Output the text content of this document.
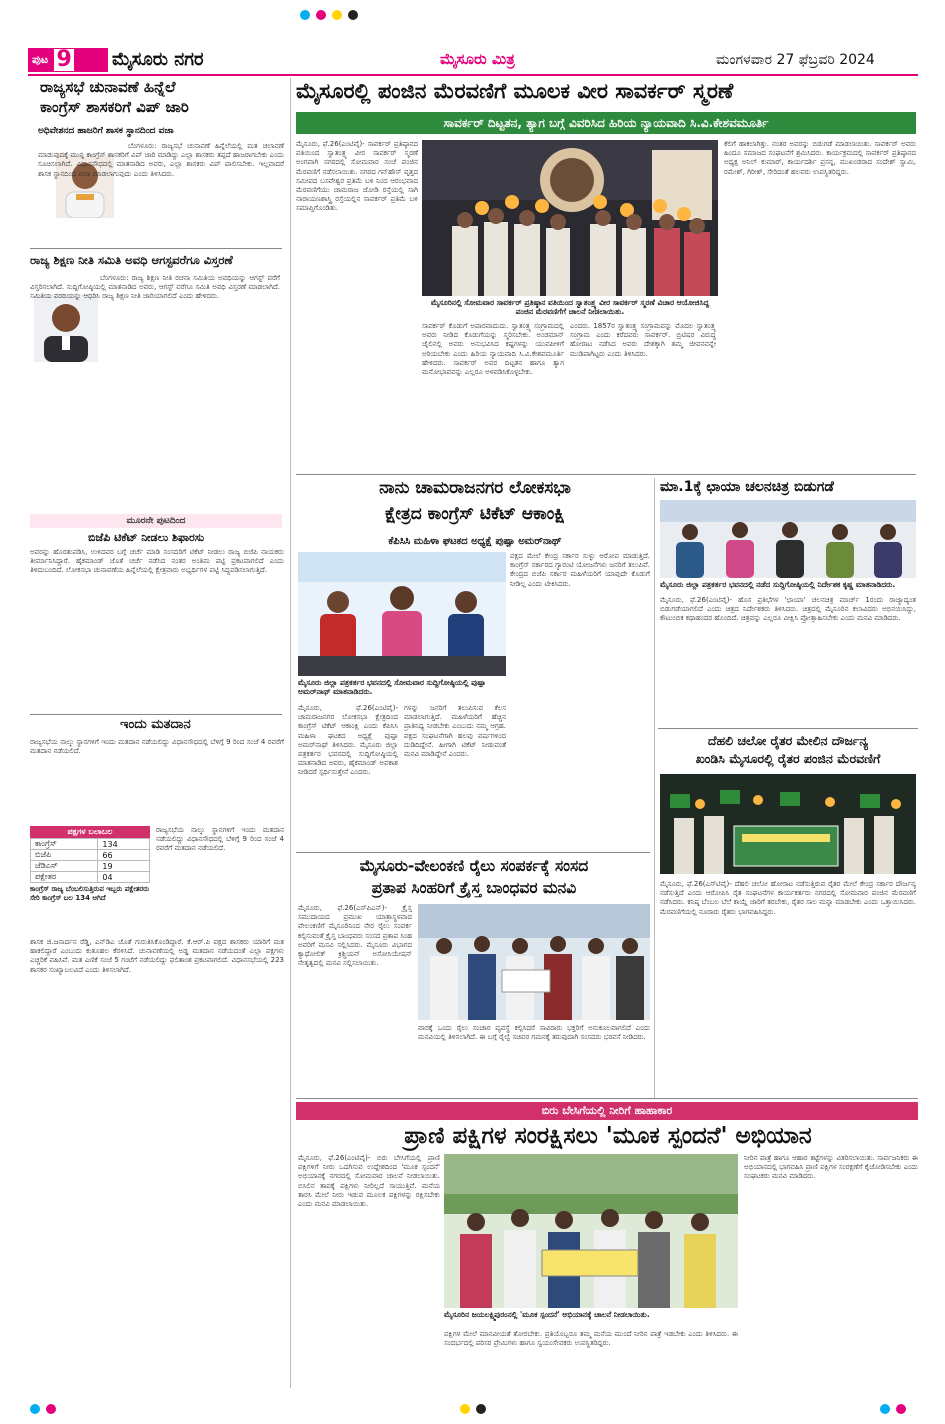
ಪುಟ 9 ಮೈಸೂರು ನಗರ	ಮೈಸೂರು ಮಿತ್ರ	ಮಂಗಳವಾರ 27 ಫೆಬ್ರವರಿ 2024
ರಾಜ್ಯಸಭೆ ಚುನಾವಣೆ ಹಿನ್ನೆಲೆ
ಕಾಂಗ್ರೆಸ್ ಶಾಸಕರಿಗೆ ವಿಪ್ ಜಾರಿ
ಅಧಿವೇಶನದ ಹಾಜರಿಗೆ ಶಾಸಕ ಸ್ಥಾನದಿಂದ ವಜಾ
ಬೆಂಗಳೂರು: ರಾಜ್ಯಸಭೆ ಚುನಾವಣೆ ಹಿನ್ನೆಲೆಯಲ್ಲಿ ಮತ ಚಲಾವಣೆ ಮಾಡುವುದಕ್ಕೆ ಮುನ್ನ ಕಾಂಗ್ರೆಸ್ ಶಾಸಕರಿಗೆ ವಿಪ್ ಜಾರಿ ಮಾಡಿದ್ದು ಎಲ್ಲಾ ಶಾಸಕರು ತಪ್ಪದೆ ಹಾಜರಾಗಬೇಕು ಎಂದು ಸೂಚಿಸಲಾಗಿದೆ. ವಿಧಾನಸೌಧದಲ್ಲಿ ಮಾತನಾಡಿದ ಅವರು, ಎಲ್ಲಾ ಶಾಸಕರು ವಿಪ್ ಪಾಲಿಸಬೇಕು. ಇಲ್ಲವಾದರೆ ಶಾಸಕ ಸ್ಥಾನದಿಂದ ವಜಾ ಮಾಡಲಾಗುವುದು ಎಂದು ತಿಳಿಸಿದರು.
ರಾಜ್ಯ ಶಿಕ್ಷಣ ನೀತಿ ಸಮಿತಿ ಅವಧಿ ಆಗಸ್ಟವರೆಗೂ ವಿಸ್ತರಣೆ
ಬೆಂಗಳೂರು: ರಾಜ್ಯ ಶಿಕ್ಷಣ ನೀತಿ ರಚನಾ ಸಮಿತಿಯ ಅವಧಿಯನ್ನು ಆಗಸ್ಟ್ ವರೆಗೆ ವಿಸ್ತರಿಸಲಾಗಿದೆ. ಸುದ್ದಿಗೋಷ್ಠಿಯಲ್ಲಿ ಮಾತನಾಡಿದ ಅವರು, ಆಗಸ್ಟ್ ವರೆಗೂ ಸಮಿತಿ ಅವಧಿ ವಿಸ್ತರಣೆ ಮಾಡಲಾಗಿದೆ. ಸಮಿತಿಯ ವರದಿಯನ್ನು ಆಧರಿಸಿ ರಾಜ್ಯ ಶಿಕ್ಷಣ ನೀತಿ ಜಾರಿಯಾಗಲಿದೆ ಎಂದು ಹೇಳಿದರು.
ಮೂರನೇ ಪುಟದಿಂದ
ಬಿಜೆಪಿ ಟಿಕೆಟ್ ನೀಡಲು ಶಿಫಾರಸು
ಅವರನ್ನು ಹೊರತುಪಡಿಸಿ, ಉಳಿದವರ ಬಗ್ಗೆ ಚರ್ಚೆ ಮಾಡಿ ಸಂಸದರಿಗೆ ಟಿಕೆಟ್ ನೀಡಲು ರಾಜ್ಯ ಬಿಜೆಪಿ ನಾಯಕರು ತೀರ್ಮಾನಿಸಿದ್ದಾರೆ. ಹೈಕಮಾಂಡ್ ಜೊತೆ ಚರ್ಚೆ ನಡೆಸಿದ ನಂತರ ಅಂತಿಮ ಪಟ್ಟಿ ಪ್ರಕಟವಾಗಲಿದೆ ಎಂದು ತಿಳಿದುಬಂದಿದೆ. ಲೋಕಸಭಾ ಚುನಾವಣೆಯ ಹಿನ್ನೆಲೆಯಲ್ಲಿ ಕ್ಷೇತ್ರವಾರು ಅಭ್ಯರ್ಥಿಗಳ ಪಟ್ಟಿ ಸಿದ್ಧಪಡಿಸಲಾಗುತ್ತಿದೆ.
ಇಂದು ಮತದಾನ
ರಾಜ್ಯಸಭೆಯ ನಾಲ್ಕು ಸ್ಥಾನಗಳಿಗೆ ಇಂದು ಮತದಾನ ನಡೆಯಲಿದ್ದು ವಿಧಾನಸೌಧದಲ್ಲಿ ಬೆಳಿಗ್ಗೆ 9 ರಿಂದ ಸಂಜೆ 4 ರವರೆಗೆ ಮತದಾನ ನಡೆಯಲಿದೆ.
ಪಕ್ಷಗಳ ಬಲಾಬಲ
ಕಾಂಗ್ರೆಸ್	134
ಬಿಜೆಪಿ	66
ಜೆಡಿಎಸ್	19
ಪಕ್ಷೇತರ	04
ಕಾಂಗ್ರೆಸ್ ರಾಜ್ಯ ಬೆಂಬಲಿಸುತ್ತಿರುವ ಇಬ್ಬರು ಪಕ್ಷೇತರರು ಸೇರಿ ಕಾಂಗ್ರೆಸ್ ಬಲ 134 ಆಗಿದೆ
ರಾಜ್ಯಸಭೆಯ ನಾಲ್ಕು ಸ್ಥಾನಗಳಿಗೆ ಇಂದು ಮತದಾನ ನಡೆಯಲಿದ್ದು ವಿಧಾನಸೌಧದಲ್ಲಿ ಬೆಳಿಗ್ಗೆ 9 ರಿಂದ ಸಂಜೆ 4 ರವರೆಗೆ ಮತದಾನ ನಡೆಯಲಿದೆ.
ಶಾಸಕ ಜಿ.ಜನಾರ್ದನ ರೆಡ್ಡಿ, ಎನ್‌ಡಿಎ ಜೊತೆ ಗುರುತಿಸಿಕೊಂಡಿದ್ದಾರೆ. ಕೆ.ಆರ್.ಪಿ ಪಕ್ಷದ ಶಾಸಕರು ಯಾರಿಗೆ ಮತ ಹಾಕಲಿದ್ದಾರೆ ಎಂಬುದು ಕುತೂಹಲ ಕೆರಳಿಸಿದೆ. ಚುನಾವಣೆಯಲ್ಲಿ ಅಡ್ಡ ಮತದಾನ ನಡೆಯದಂತೆ ಎಲ್ಲಾ ಪಕ್ಷಗಳು ಎಚ್ಚರಿಕೆ ವಹಿಸಿವೆ. ಮತ ಎಣಿಕೆ ಸಂಜೆ 5 ಗಂಟೆಗೆ ನಡೆಯಲಿದ್ದು ಫಲಿತಾಂಶ ಪ್ರಕಟವಾಗಲಿದೆ. ವಿಧಾನಸಭೆಯಲ್ಲಿ 223 ಶಾಸಕರ ಸಂಖ್ಯಾಬಲವಿದೆ ಎಂದು ತಿಳಿಸಲಾಗಿದೆ.
ಮೈಸೂರಲ್ಲಿ ಪಂಜಿನ ಮೆರವಣಿಗೆ ಮೂಲಕ ವೀರ ಸಾವರ್ಕರ್ ಸ್ಮರಣೆ
ಸಾವರ್ಕರ್ ದಿಟ್ಟತನ, ತ್ಯಾಗ ಬಗ್ಗೆ ವಿವರಿಸಿದ ಹಿರಿಯ ನ್ಯಾಯವಾದಿ ಸಿ.ವಿ.ಕೇಶವಮೂರ್ತಿ
ಮೈಸೂರು, ಫೆ.26(ಎಂಟಿವೈ)- ಸಾವರ್ಕರ್ ಪ್ರತಿಷ್ಠಾನದ ವತಿಯಿಂದ ಸ್ವಾತಂತ್ರ್ಯ ವೀರ ಸಾವರ್ಕರ್ ಸ್ಮರಣೆ ಅಂಗವಾಗಿ ನಗರದಲ್ಲಿ ಸೋಮವಾರ ಸಂಜೆ ಪಂಜಿನ ಮೆರವಣಿಗೆ ನಡೆಸಲಾಯಿತು. ನಗರದ ಗನ್‌ಹೌಸ್ ವೃತ್ತದ ಸಮೀಪದ ಬಸವೇಶ್ವರ ಪ್ರತಿಮೆ ಬಳಿ ನಿಂದ ಆರಂಭವಾದ ಮೆರವಣಿಗೆಯು ಚಾಮರಾಜ ಜೋಡಿ ರಸ್ತೆಯಲ್ಲಿ ಸಾಗಿ ನಾರಾಯಣಶಾಸ್ತ್ರಿ ರಸ್ತೆಯಲ್ಲಿನ ಸಾವರ್ಕರ್ ಪ್ರತಿಮೆ ಬಳಿ ಸಮಾಪ್ತಿಗೊಂಡಿತು.
ಮೈಸೂರಿನಲ್ಲಿ ಸೋಮವಾರ ಸಾವರ್ಕರ್ ಪ್ರತಿಷ್ಠಾನ ವತಿಯಿಂದ ಸ್ವಾತಂತ್ರ್ಯ ವೀರ ಸಾವರ್ಕರ್ ಸ್ಮರಣೆ ವಿಚಾರ ಆಯೋಜಿಸಿದ್ದ ಪಂಜಿನ ಮೆರವಣಿಗೆಗೆ ಚಾಲನೆ ನೀಡಲಾಯಿತು.
ಸಾವರ್ಕರ್ ಕೊಡುಗೆ ಅಪಾರವಾದುದು. ಸ್ವಾತಂತ್ರ್ಯ ಸಂಗ್ರಾಮದಲ್ಲಿ ಅವರು ನೀಡಿದ ಕೊಡುಗೆಯನ್ನು ಸ್ಮರಿಸಬೇಕು. ಅಂಡಮಾನ್ ಜೈಲಿನಲ್ಲಿ ಅವರು ಅನುಭವಿಸಿದ ಕಷ್ಟಗಳನ್ನು ಯುವಪೀಳಿಗೆ ಅರಿಯಬೇಕು ಎಂದು ಹಿರಿಯ ನ್ಯಾಯವಾದಿ ಸಿ.ವಿ.ಕೇಶವಮೂರ್ತಿ ಹೇಳಿದರು. ಸಾವರ್ಕರ್ ಅವರ ದಿಟ್ಟತನ ಹಾಗೂ ತ್ಯಾಗ ಮನೋಭಾವವನ್ನು ಎಲ್ಲರೂ ಅಳವಡಿಸಿಕೊಳ್ಳಬೇಕು.
ಎಂದರು. 1857ರ ಸ್ವಾತಂತ್ರ್ಯ ಸಂಗ್ರಾಮವನ್ನು ಮೊದಲ ಸ್ವಾತಂತ್ರ್ಯ ಸಂಗ್ರಾಮ ಎಂದು ಕರೆದವರು ಸಾವರ್ಕರ್. ಬ್ರಿಟಿಷರ ವಿರುದ್ಧ ಹೋರಾಟ ನಡೆಸಿದ ಅವರು ದೇಶಕ್ಕಾಗಿ ತಮ್ಮ ಜೀವನವನ್ನೇ ಮುಡಿಪಾಗಿಟ್ಟರು ಎಂದು ತಿಳಿಸಿದರು.
ಕೆಲಿಗೆ ಹಾಕಲಾಗಿತ್ತು. ನಂತರ ಅವರನ್ನು ಬಿಡುಗಡೆ ಮಾಡಲಾಯಿತು. ಸಾವರ್ಕರ್ ಅವರು ಹಿಂದೂ ಸಮಾಜದ ಸಂಘಟನೆಗೆ ಶ್ರಮಿಸಿದರು. ಕಾರ್ಯಕ್ರಮದಲ್ಲಿ ಸಾವರ್ಕರ್ ಪ್ರತಿಷ್ಠಾನದ ಅಧ್ಯಕ್ಷ ಅನಿಲ್ ಕುಮಾರ್, ಕಾರ್ಯದರ್ಶಿ ಪ್ರಸನ್ನ, ಮುಖಂಡರಾದ ಸಂದೇಶ್ ಸ್ವಾಮಿ, ರಮೇಶ್, ಗಿರೀಶ್, ಸೇರಿದಂತೆ ಹಲವರು ಉಪಸ್ಥಿತರಿದ್ದರು.
ನಾನು ಚಾಮರಾಜನಗರ ಲೋಕಸಭಾ
ಕ್ಷೇತ್ರದ ಕಾಂಗ್ರೆಸ್ ಟಿಕೆಟ್ ಆಕಾಂಕ್ಷಿ
ಕೆಪಿಸಿಸಿ ಮಹಿಳಾ ಘಟಕದ ಅಧ್ಯಕ್ಷೆ ಪುಷ್ಪಾ ಅಮರ್‌ನಾಥ್
ಮೈಸೂರು ಜಿಲ್ಲಾ ಪತ್ರಕರ್ತರ ಭವನದಲ್ಲಿ ಸೋಮವಾರ ಸುದ್ದಿಗೋಷ್ಠಿಯಲ್ಲಿ ಪುಷ್ಪಾ ಅಮರ್‌ನಾಥ್ ಮಾತನಾಡಿದರು.
ಪಕ್ಷದ ಮೇಲೆ ಕೇಂದ್ರ ಸರ್ಕಾರ ಸುಳ್ಳು ಆರೋಪ ಮಾಡುತ್ತಿದೆ. ಕಾಂಗ್ರೆಸ್ ಸರ್ಕಾರದ ಗ್ಯಾರಂಟಿ ಯೋಜನೆಗಳು ಜನರಿಗೆ ತಲುಪಿವೆ. ಕೇಂದ್ರದ ಬಿಜೆಪಿ ಸರ್ಕಾರ ಮಹಿಳೆಯರಿಗೆ ಯಾವುದೇ ಕೊಡುಗೆ ನೀಡಿಲ್ಲ ಎಂದು ಟೀಕಿಸಿದರು.
ಮೈಸೂರು, ಫೆ.26(ಎಂಟಿವೈ)- ಚಾಮರಾಜನಗರ ಲೋಕಸಭಾ ಕ್ಷೇತ್ರದಿಂದ ಕಾಂಗ್ರೆಸ್ ಟಿಕೆಟ್ ಆಕಾಂಕ್ಷಿ ಎಂದು ಕೆಪಿಸಿಸಿ ಮಹಿಳಾ ಘಟಕದ ಅಧ್ಯಕ್ಷೆ ಪುಷ್ಪಾ ಅಮರ್‌ನಾಥ್ ತಿಳಿಸಿದರು. ಮೈಸೂರು ಜಿಲ್ಲಾ ಪತ್ರಕರ್ತರ ಭವನದಲ್ಲಿ ಸುದ್ದಿಗೋಷ್ಠಿಯಲ್ಲಿ ಮಾತನಾಡಿದ ಅವರು, ಹೈಕಮಾಂಡ್ ಅವಕಾಶ ನೀಡಿದರೆ ಸ್ಪರ್ಧಿಸುತ್ತೇನೆ ಎಂದರು.
ಗಳನ್ನು ಜನರಿಗೆ ತಲುಪಿಸುವ ಕೆಲಸ ಮಾಡಲಾಗುತ್ತಿದೆ. ಮಹಿಳೆಯರಿಗೆ ಹೆಚ್ಚಿನ ಪ್ರಾತಿನಿಧ್ಯ ನೀಡಬೇಕು ಎಂಬುದು ನಮ್ಮ ಆಗ್ರಹ. ಪಕ್ಷದ ಸಂಘಟನೆಗಾಗಿ ಹಲವು ವರ್ಷಗಳಿಂದ ದುಡಿದಿದ್ದೇನೆ. ಹೀಗಾಗಿ ಟಿಕೆಟ್ ನೀಡುವಂತೆ ಮನವಿ ಮಾಡಿದ್ದೇನೆ ಎಂದರು.
ಮಾ.1ಕ್ಕೆ ಛಾಯಾ ಚಲನಚಿತ್ರ ಬಿಡುಗಡೆ
ಮೈಸೂರು ಜಿಲ್ಲಾ ಪತ್ರಕರ್ತರ ಭವನದಲ್ಲಿ ನಡೆದ ಸುದ್ದಿಗೋಷ್ಠಿಯಲ್ಲಿ ನಿರ್ದೇಶಕ ಕೃಷ್ಣ ಮಾತನಾಡಿದರು.
ಮೈಸೂರು, ಫೆ.26(ಎಂಟಿವೈ)- ಹೊಸ ಪ್ರತಿಭೆಗಳ 'ಛಾಯಾ' ಚಲನಚಿತ್ರ ಮಾರ್ಚ್ 1ರಂದು ರಾಜ್ಯಾದ್ಯಂತ ಬಿಡುಗಡೆಯಾಗಲಿದೆ ಎಂದು ಚಿತ್ರದ ನಿರ್ದೇಶಕರು ತಿಳಿಸಿದರು. ಚಿತ್ರದಲ್ಲಿ ಮೈಸೂರಿನ ಕಲಾವಿದರು ಅಭಿನಯಿಸಿದ್ದು, ಕೌಟುಂಬಿಕ ಕಥಾಹಂದರ ಹೊಂದಿದೆ. ಚಿತ್ರವನ್ನು ಎಲ್ಲರೂ ವೀಕ್ಷಿಸಿ ಪ್ರೋತ್ಸಾಹಿಸಬೇಕು ಎಂದು ಮನವಿ ಮಾಡಿದರು.
ದೆಹಲಿ ಚಲೋ ರೈತರ ಮೇಲಿನ ದೌರ್ಜನ್ಯ
ಖಂಡಿಸಿ ಮೈಸೂರಲ್ಲಿ ರೈತರ ಪಂಜಿನ ಮೆರವಣಿಗೆ
ಮೈಸೂರು, ಫೆ.26(ಎಸ್‌ಟಿವೈ)- ದೆಹಲಿ ಚಲೋ ಹೋರಾಟ ನಡೆಸುತ್ತಿರುವ ರೈತರ ಮೇಲೆ ಕೇಂದ್ರ ಸರ್ಕಾರ ದೌರ್ಜನ್ಯ ನಡೆಸುತ್ತಿದೆ ಎಂದು ಆರೋಪಿಸಿ ರೈತ ಸಂಘಟನೆಗಳ ಕಾರ್ಯಕರ್ತರು ನಗರದಲ್ಲಿ ಸೋಮವಾರ ಪಂಜಿನ ಮೆರವಣಿಗೆ ನಡೆಸಿದರು. ಕನಿಷ್ಠ ಬೆಂಬಲ ಬೆಲೆ ಕಾಯ್ದೆ ಜಾರಿಗೆ ತರಬೇಕು, ರೈತರ ಸಾಲ ಮನ್ನಾ ಮಾಡಬೇಕು ಎಂದು ಒತ್ತಾಯಿಸಿದರು. ಮೆರವಣಿಗೆಯಲ್ಲಿ ನೂರಾರು ರೈತರು ಭಾಗವಹಿಸಿದ್ದರು.
ಮೈಸೂರು-ವೇಲಂಕಣಿ ರೈಲು ಸಂಪರ್ಕಕ್ಕೆ ಸಂಸದ
ಪ್ರತಾಪ ಸಿಂಹರಿಗೆ ಕ್ರೈಸ್ತ ಬಾಂಧವರ ಮನವಿ
ಮೈಸೂರು, ಫೆ.26(ಎಸ್‌ಪಿಎನ್)- ಕ್ರೈಸ್ತ ಸಮುದಾಯದ ಪ್ರಮುಖ ಯಾತ್ರಾಸ್ಥಳವಾದ ವೇಲಂಕಣಿಗೆ ಮೈಸೂರಿನಿಂದ ನೇರ ರೈಲು ಸಂಪರ್ಕ ಕಲ್ಪಿಸುವಂತೆ ಕ್ರೈಸ್ತ ಬಾಂಧವರು ಸಂಸದ ಪ್ರತಾಪ ಸಿಂಹ ಅವರಿಗೆ ಮನವಿ ಸಲ್ಲಿಸಿದರು. ಮೈಸೂರು ವಿಭಾಗದ ಕ್ಯಾಥೋಲಿಕ್ ಕ್ರಿಶ್ಚಿಯನ್ ಅಸೋಸಿಯೇಷನ್ ನೇತೃತ್ವದಲ್ಲಿ ಮನವಿ ಸಲ್ಲಿಸಲಾಯಿತು.
ವಾರಕ್ಕೆ ಒಂದು ರೈಲು ಸಂಚಾರ ವ್ಯವಸ್ಥೆ ಕಲ್ಪಿಸಿದರೆ ಸಾವಿರಾರು ಭಕ್ತರಿಗೆ ಅನುಕೂಲವಾಗಲಿದೆ ಎಂದು ಮನವಿಯಲ್ಲಿ ತಿಳಿಸಲಾಗಿದೆ. ಈ ಬಗ್ಗೆ ರೈಲ್ವೆ ಸಚಿವರ ಗಮನಕ್ಕೆ ತರುವುದಾಗಿ ಸಂಸದರು ಭರವಸೆ ನೀಡಿದರು.
ಬಿರು ಬೇಸಿಗೆಯಲ್ಲಿ ನೀರಿಗೆ ಹಾಹಾಕಾರ
ಪ್ರಾಣಿ ಪಕ್ಷಿಗಳ ಸಂರಕ್ಷಿಸಲು 'ಮೂಕ ಸ್ಪಂದನೆ' ಅಭಿಯಾನ
ಮೈಸೂರು, ಫೆ.26(ಎಂಟಿವೈ)- ಬಿರು ಬೇಸಿಗೆಯಲ್ಲಿ ಪ್ರಾಣಿ ಪಕ್ಷಿಗಳಿಗೆ ನೀರು ಒದಗಿಸುವ ಉದ್ದೇಶದಿಂದ 'ಮೂಕ ಸ್ಪಂದನೆ' ಅಭಿಯಾನಕ್ಕೆ ನಗರದಲ್ಲಿ ಸೋಮವಾರ ಚಾಲನೆ ನೀಡಲಾಯಿತು. ಬಿಸಿಲಿನ ತಾಪಕ್ಕೆ ಪಕ್ಷಿಗಳು ನೀರಿಲ್ಲದೆ ಸಾಯುತ್ತಿವೆ. ಮನೆಯ ತಾರಸಿ ಮೇಲೆ ನೀರು ಇಡುವ ಮೂಲಕ ಪಕ್ಷಿಗಳನ್ನು ರಕ್ಷಿಸಬೇಕು ಎಂದು ಮನವಿ ಮಾಡಲಾಯಿತು.
ಮೈಸೂರಿನ ಜಯಲಕ್ಷ್ಮಿಪುರಂನಲ್ಲಿ 'ಮೂಕ ಸ್ಪಂದನೆ' ಅಭಿಯಾನಕ್ಕೆ ಚಾಲನೆ ನೀಡಲಾಯಿತು.
ಪಕ್ಷಿಗಳ ಮೇಲೆ ಮಾನವೀಯತೆ ತೋರಬೇಕು. ಪ್ರತಿಯೊಬ್ಬರೂ ತಮ್ಮ ಮನೆಯ ಮುಂದೆ ನೀರಿನ ಪಾತ್ರೆ ಇಡಬೇಕು ಎಂದು ತಿಳಿಸಿದರು. ಈ ಸಂದರ್ಭದಲ್ಲಿ ಪರಿಸರ ಪ್ರೇಮಿಗಳು ಹಾಗೂ ಸ್ವಯಂಸೇವಕರು ಉಪಸ್ಥಿತರಿದ್ದರು.
ನೀರಿನ ಪಾತ್ರೆ ಹಾಗೂ ಆಹಾರ ತಟ್ಟೆಗಳನ್ನು ವಿತರಿಸಲಾಯಿತು. ಸಾರ್ವಜನಿಕರು ಈ ಅಭಿಯಾನದಲ್ಲಿ ಭಾಗವಹಿಸಿ ಪ್ರಾಣಿ ಪಕ್ಷಿಗಳ ಸಂರಕ್ಷಣೆಗೆ ಕೈಜೋಡಿಸಬೇಕು ಎಂದು ಸಂಘಟಕರು ಮನವಿ ಮಾಡಿದರು.
